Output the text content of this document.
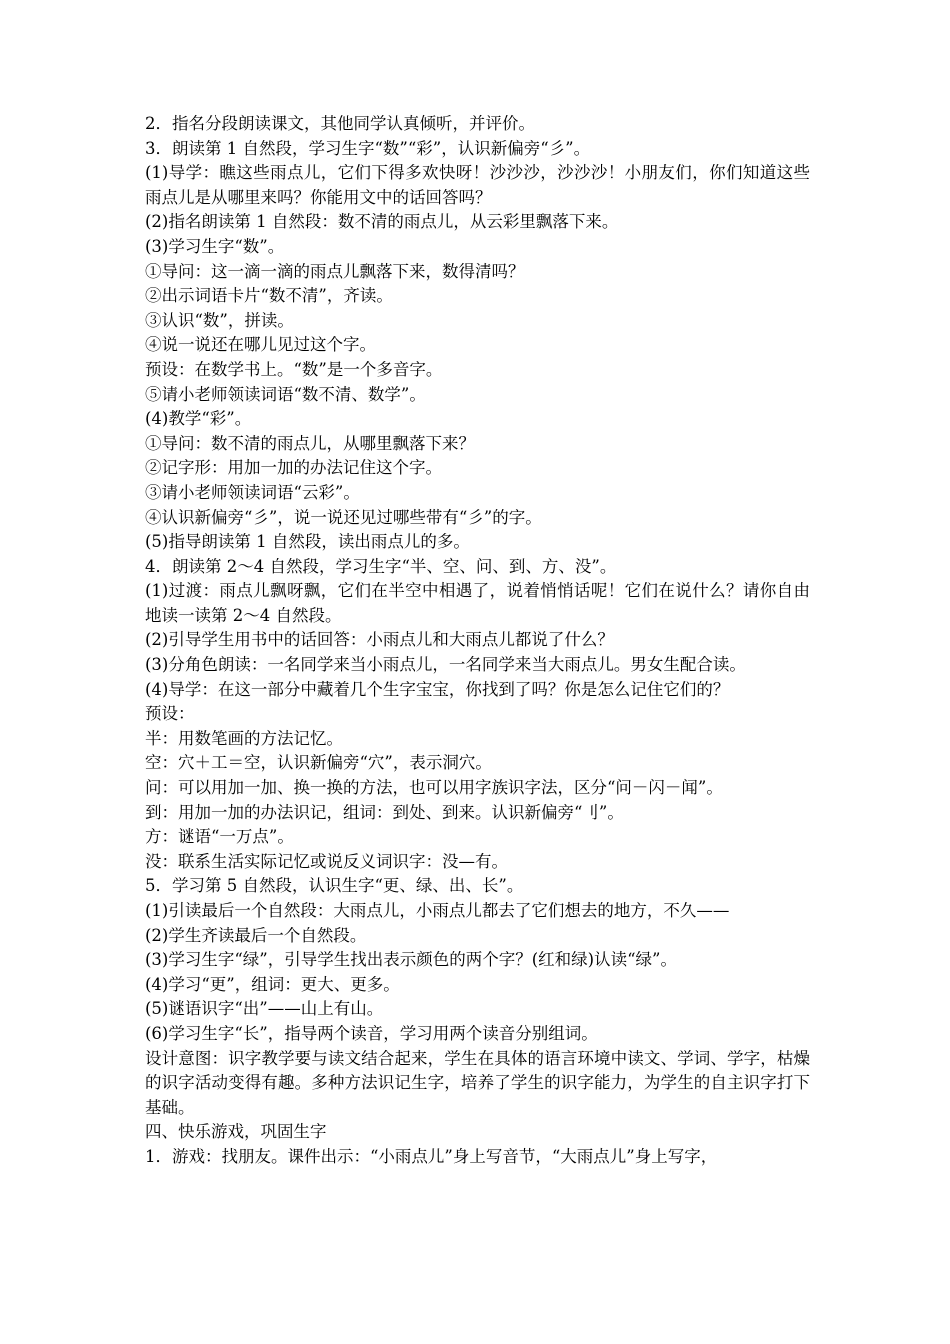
2．指名分段朗读课文，其他同学认真倾听，并评价。

3．朗读第 1 自然段，学习生字“数”“彩”，认识新偏旁“彡”。

(1)导学：瞧这些雨点儿，它们下得多欢快呀！沙沙沙，沙沙沙！小朋友们，你们知道这些雨点儿是从哪里来吗？你能用文中的话回答吗？

(2)指名朗读第 1 自然段：数不清的雨点儿，从云彩里飘落下来。

(3)学习生字“数”。

①导问：这一滴一滴的雨点儿飘落下来，数得清吗？

②出示词语卡片“数不清”，齐读。

③认识“数”，拼读。

④说一说还在哪儿见过这个字。

预设：在数学书上。“数”是一个多音字。

⑤请小老师领读词语“数不清、数学”。

(4)教学“彩”。

①导问：数不清的雨点儿，从哪里飘落下来？

②记字形：用加一加的办法记住这个字。

③请小老师领读词语“云彩”。

④认识新偏旁“彡”，说一说还见过哪些带有“彡”的字。

(5)指导朗读第 1 自然段，读出雨点儿的多。

4．朗读第 2～4 自然段，学习生字“半、空、问、到、方、没”。

(1)过渡：雨点儿飘呀飘，它们在半空中相遇了，说着悄悄话呢！它们在说什么？请你自由地读一读第 2～4 自然段。

(2)引导学生用书中的话回答：小雨点儿和大雨点儿都说了什么？

(3)分角色朗读：一名同学来当小雨点儿，一名同学来当大雨点儿。男女生配合读。

(4)导学：在这一部分中藏着几个生字宝宝，你找到了吗？你是怎么记住它们的？

预设：

半：用数笔画的方法记忆。

空：穴＋工＝空，认识新偏旁“穴”，表示洞穴。

问：可以用加一加、换一换的方法，也可以用字族识字法，区分“问－闪－闻”。

到：用加一加的办法识记，组词：到处、到来。认识新偏旁“刂”。

方：谜语“一万点”。

没：联系生活实际记忆或说反义词识字：没—有。

5．学习第 5 自然段，认识生字“更、绿、出、长”。

(1)引读最后一个自然段：大雨点儿，小雨点儿都去了它们想去的地方，不久——

(2)学生齐读最后一个自然段。

(3)学习生字“绿”，引导学生找出表示颜色的两个字？(红和绿)认读“绿”。

(4)学习“更”，组词：更大、更多。

(5)谜语识字“出”——山上有山。

(6)学习生字“长”，指导两个读音，学习用两个读音分别组词。

设计意图：识字教学要与读文结合起来，学生在具体的语言环境中读文、学词、学字，枯燥的识字活动变得有趣。多种方法识记生字，培养了学生的识字能力，为学生的自主识字打下基础。

四、快乐游戏，巩固生字

1．游戏：找朋友。课件出示：“小雨点儿”身上写音节，“大雨点儿”身上写字，
